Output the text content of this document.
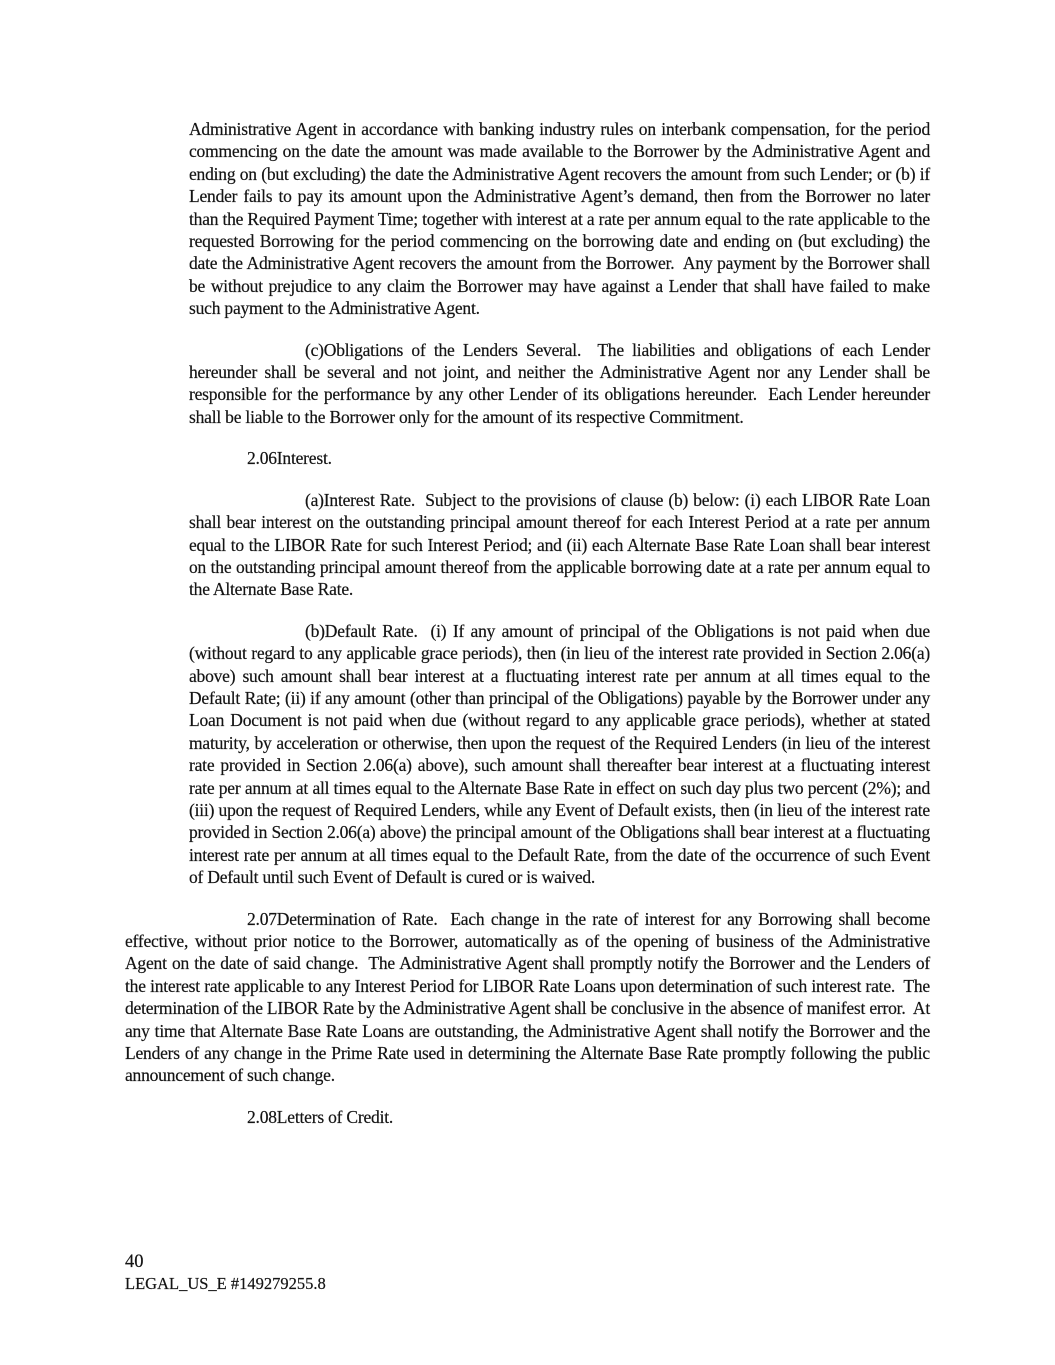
Administrative Agent in accordance with banking industry rules on interbank compensation, for the period commencing on the date the amount was made available to the Borrower by the Administrative Agent and ending on (but excluding) the date the Administrative Agent recovers the amount from such Lender; or (b) if Lender fails to pay its amount upon the Administrative Agent’s demand, then from the Borrower no later than the Required Payment Time; together with interest at a rate per annum equal to the rate applicable to the requested Borrowing for the period commencing on the borrowing date and ending on (but excluding) the date the Administrative Agent recovers the amount from the Borrower.  Any payment by the Borrower shall be without prejudice to any claim the Borrower may have against a Lender that shall have failed to make such payment to the Administrative Agent.

(c)Obligations of the Lenders Several.  The liabilities and obligations of each Lender hereunder shall be several and not joint, and neither the Administrative Agent nor any Lender shall be responsible for the performance by any other Lender of its obligations hereunder.  Each Lender hereunder shall be liable to the Borrower only for the amount of its respective Commitment.

2.06Interest.

(a)Interest Rate.  Subject to the provisions of clause (b) below: (i) each LIBOR Rate Loan shall bear interest on the outstanding principal amount thereof for each Interest Period at a rate per annum equal to the LIBOR Rate for such Interest Period; and (ii) each Alternate Base Rate Loan shall bear interest on the outstanding principal amount thereof from the applicable borrowing date at a rate per annum equal to the Alternate Base Rate.

(b)Default Rate.  (i) If any amount of principal of the Obligations is not paid when due (without regard to any applicable grace periods), then (in lieu of the interest rate provided in Section 2.06(a) above) such amount shall bear interest at a fluctuating interest rate per annum at all times equal to the Default Rate; (ii) if any amount (other than principal of the Obligations) payable by the Borrower under any Loan Document is not paid when due (without regard to any applicable grace periods), whether at stated maturity, by acceleration or otherwise, then upon the request of the Required Lenders (in lieu of the interest rate provided in Section 2.06(a) above), such amount shall thereafter bear interest at a fluctuating interest rate per annum at all times equal to the Alternate Base Rate in effect on such day plus two percent (2%); and (iii) upon the request of Required Lenders, while any Event of Default exists, then (in lieu of the interest rate provided in Section 2.06(a) above) the principal amount of the Obligations shall bear interest at a fluctuating interest rate per annum at all times equal to the Default Rate, from the date of the occurrence of such Event of Default until such Event of Default is cured or is waived.

2.07Determination of Rate.  Each change in the rate of interest for any Borrowing shall become effective, without prior notice to the Borrower, automatically as of the opening of business of the Administrative Agent on the date of said change.  The Administrative Agent shall promptly notify the Borrower and the Lenders of the interest rate applicable to any Interest Period for LIBOR Rate Loans upon determination of such interest rate.  The determination of the LIBOR Rate by the Administrative Agent shall be conclusive in the absence of manifest error.  At any time that Alternate Base Rate Loans are outstanding, the Administrative Agent shall notify the Borrower and the Lenders of any change in the Prime Rate used in determining the Alternate Base Rate promptly following the public announcement of such change.

2.08Letters of Credit.

40
LEGAL_US_E #149279255.8
